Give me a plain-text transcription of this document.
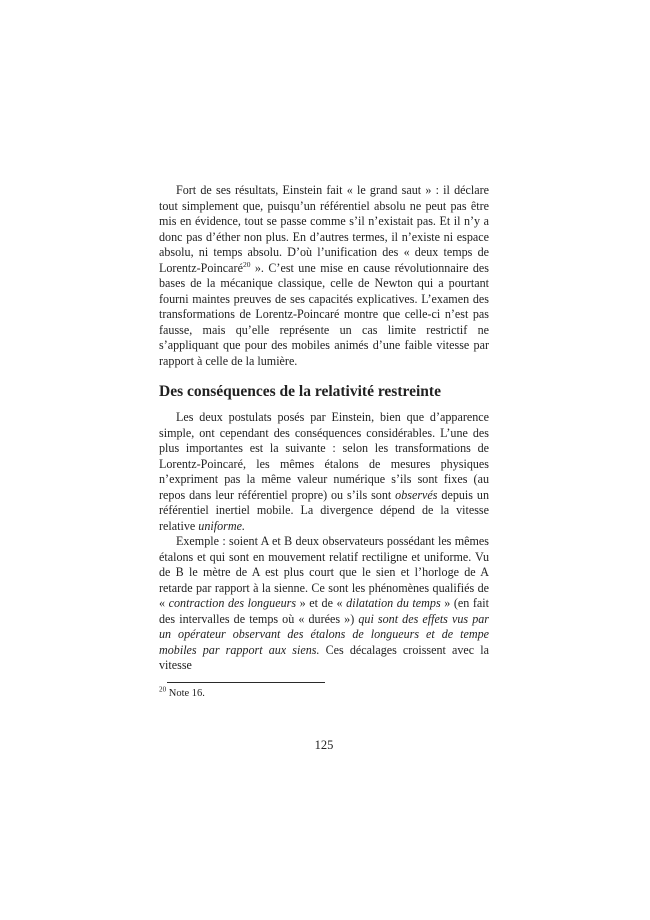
Fort de ses résultats, Einstein fait « le grand saut » : il déclare tout simplement que, puisqu’un référentiel absolu ne peut pas être mis en évidence, tout se passe comme s’il n’existait pas. Et il n’y a donc pas d’éther non plus. En d’autres termes, il n’existe ni espace absolu, ni temps absolu. D’où l’unification des « deux temps de Lorentz-Poincaré$^{20}$ ». C’est une mise en cause révolutionnaire des bases de la mécanique classique, celle de Newton qui a pourtant fourni maintes preuves de ses capacités explicatives. L’examen des transformations de Lorentz-Poincaré montre que celle-ci n’est pas fausse, mais qu’elle représente un cas limite restrictif ne s’appliquant que pour des mobiles animés d’une faible vitesse par rapport à celle de la lumière.

Des conséquences de la relativité restreinte

Les deux postulats posés par Einstein, bien que d’apparence simple, ont cependant des conséquences considérables. L’une des plus importantes est la suivante : selon les transformations de Lorentz-Poincaré, les mêmes étalons de mesures physiques n’expriment pas la même valeur numérique s’ils sont fixes (au repos dans leur référentiel propre) ou s’ils sont observés depuis un référentiel inertiel mobile. La divergence dépend de la vitesse relative uniforme.

Exemple : soient A et B deux observateurs possédant les mêmes étalons et qui sont en mouvement relatif rectiligne et uniforme. Vu de B le mètre de A est plus court que le sien et l’horloge de A retarde par rapport à la sienne. Ce sont les phénomènes qualifiés de « contraction des longueurs » et de « dilatation du temps » (en fait des intervalles de temps où « durées ») qui sont des effets vus par un opérateur observant des étalons de longueurs et de tempe mobiles par rapport aux siens. Ces décalages croissent avec la vitesse

$^{20}$ Note 16.

125
